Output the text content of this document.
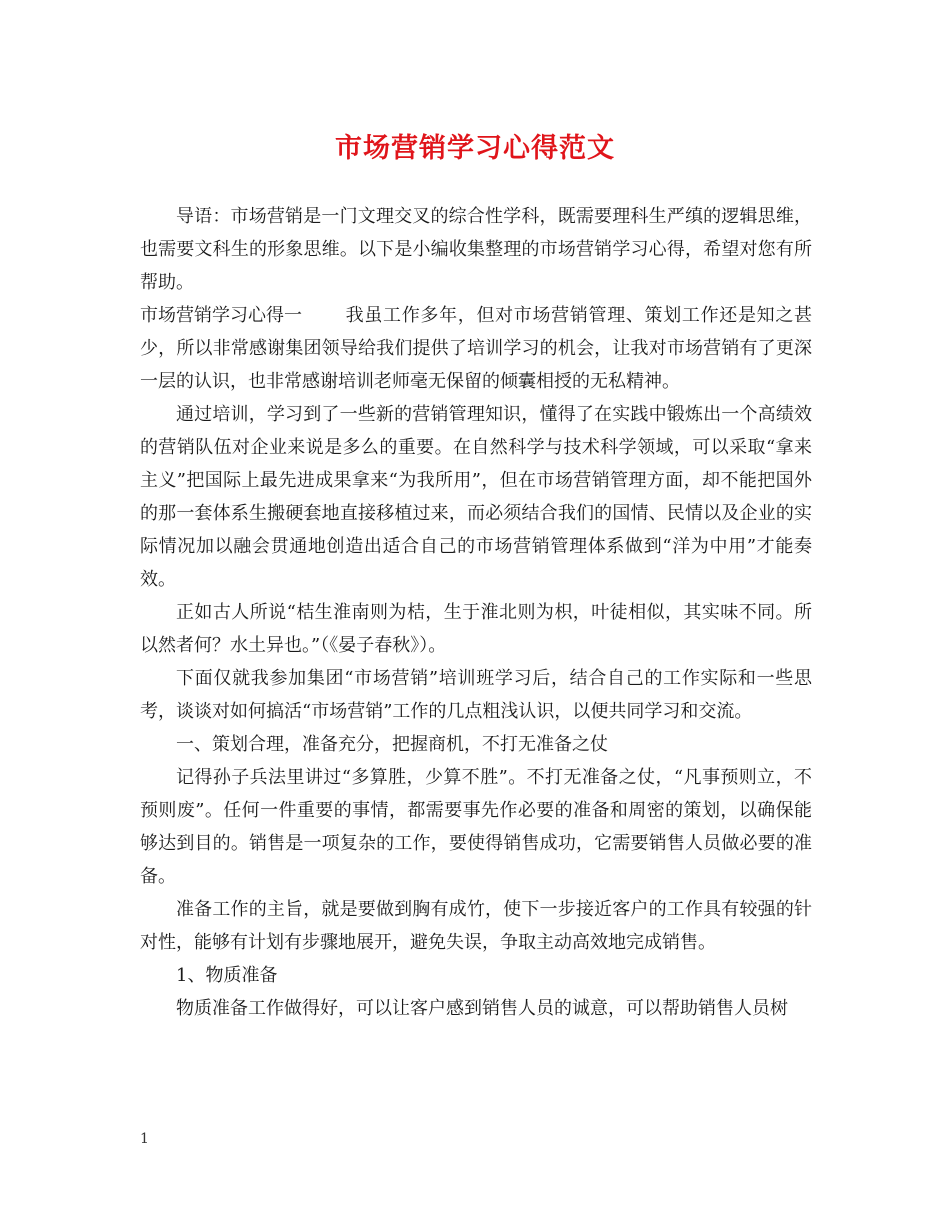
市场营销学习心得范文

导语：市场营销是一门文理交叉的综合性学科，既需要理科生严缜的逻辑思维，也需要文科生的形象思维。以下是小编收集整理的市场营销学习心得，希望对您有所帮助。

市场营销学习心得一 我虽工作多年，但对市场营销管理、策划工作还是知之甚少，所以非常感谢集团领导给我们提供了培训学习的机会，让我对市场营销有了更深一层的认识，也非常感谢培训老师毫无保留的倾囊相授的无私精神。

通过培训，学习到了一些新的营销管理知识，懂得了在实践中锻炼出一个高绩效的营销队伍对企业来说是多么的重要。在自然科学与技术科学领域，可以采取“拿来主义”把国际上最先进成果拿来“为我所用”，但在市场营销管理方面，却不能把国外的那一套体系生搬硬套地直接移植过来，而必须结合我们的国情、民情以及企业的实际情况加以融会贯通地创造出适合自己的市场营销管理体系做到“洋为中用”才能奏效。

正如古人所说“桔生淮南则为桔，生于淮北则为枳，叶徒相似，其实味不同。所以然者何？水土异也。”（《晏子春秋》）。

下面仅就我参加集团“市场营销”培训班学习后，结合自己的工作实际和一些思考，谈谈对如何搞活“市场营销”工作的几点粗浅认识，以便共同学习和交流。

一、策划合理，准备充分，把握商机，不打无准备之仗

记得孙子兵法里讲过“多算胜，少算不胜”。不打无准备之仗，“凡事预则立，不预则废”。任何一件重要的事情，都需要事先作必要的准备和周密的策划，以确保能够达到目的。销售是一项复杂的工作，要使得销售成功，它需要销售人员做必要的准备。

准备工作的主旨，就是要做到胸有成竹，使下一步接近客户的工作具有较强的针对性，能够有计划有步骤地展开，避免失误，争取主动高效地完成销售。

1、物质准备

物质准备工作做得好，可以让客户感到销售人员的诚意，可以帮助销售人员树

1
